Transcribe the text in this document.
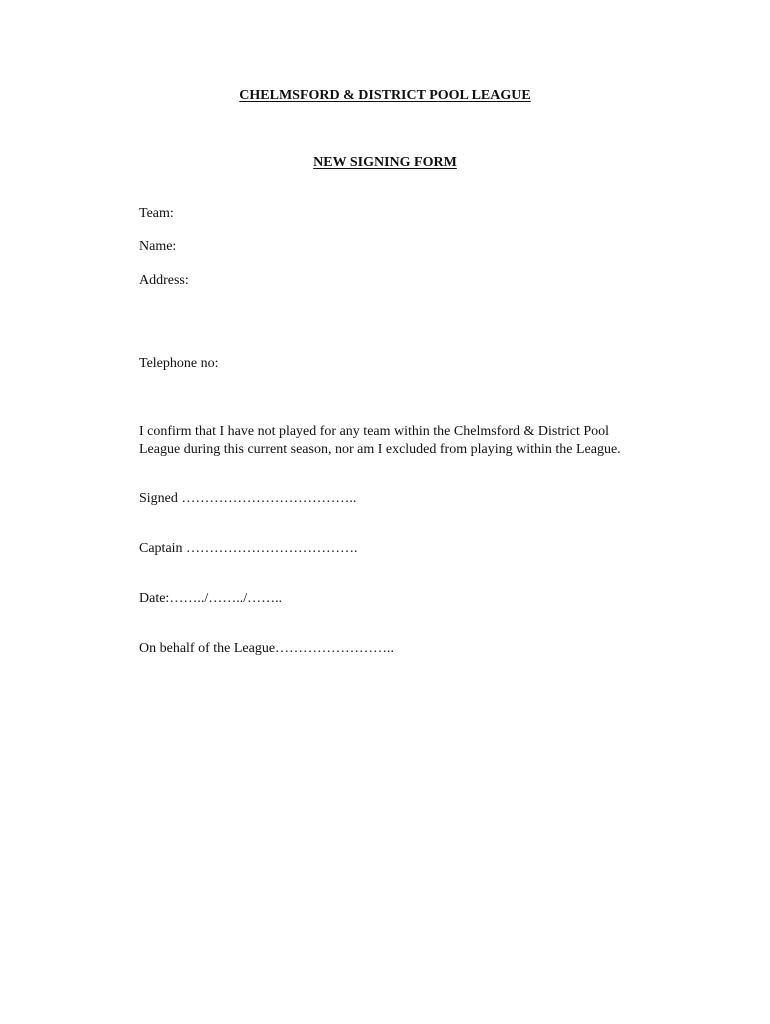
CHELMSFORD & DISTRICT POOL LEAGUE
NEW SIGNING FORM
Team:
Name:
Address:
Telephone no:
I confirm that I have not played for any team within the Chelmsford & District Pool
League during this current season, nor am I excluded from playing within the League.
Signed ………………………………..
Captain ……………………………….
Date:……../……../……..
On behalf of the League……………………..
